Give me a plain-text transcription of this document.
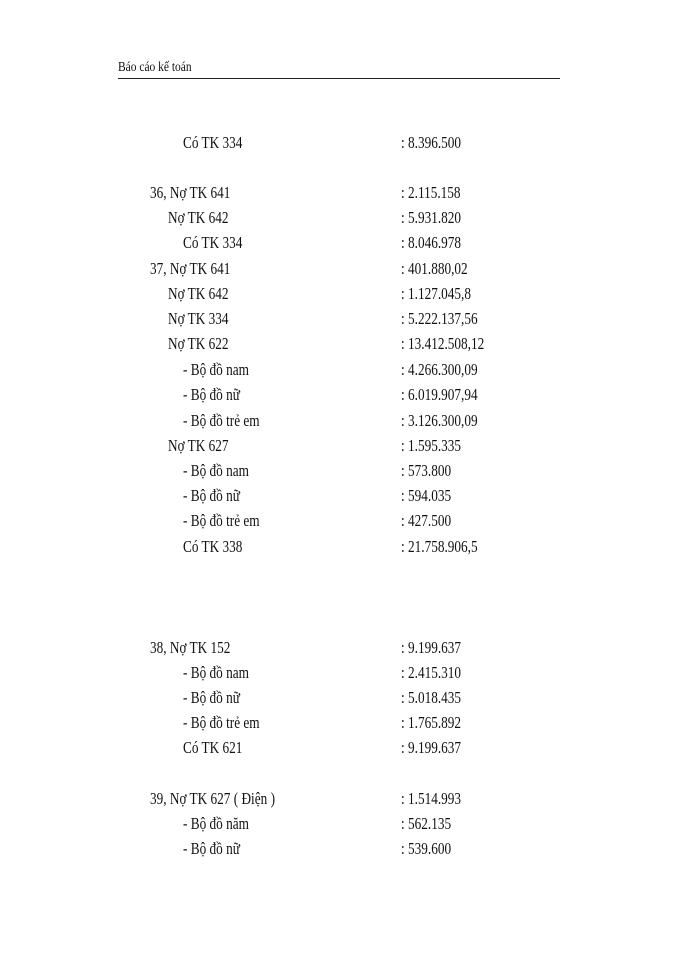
Báo cáo kế toán
Có TK 334	: 8.396.500
36, Nợ TK 641	: 2.115.158
Nợ TK 642	: 5.931.820
Có TK 334	: 8.046.978
37, Nợ TK 641	: 401.880,02
Nợ TK 642	: 1.127.045,8
Nợ TK 334	: 5.222.137,56
Nợ TK 622	: 13.412.508,12
- Bộ đồ nam	: 4.266.300,09
- Bộ đồ nữ	: 6.019.907,94
- Bộ đồ trẻ em	: 3.126.300,09
Nợ TK 627	: 1.595.335
- Bộ đồ nam	: 573.800
- Bộ đồ nữ	: 594.035
- Bộ đồ trẻ em	: 427.500
Có TK 338	: 21.758.906,5
38, Nợ TK 152	: 9.199.637
- Bộ đồ nam	: 2.415.310
- Bộ đồ nữ	: 5.018.435
- Bộ đồ trẻ em	: 1.765.892
Có TK 621	: 9.199.637
39, Nợ TK 627 ( Điện )	: 1.514.993
- Bộ đồ năm	: 562.135
- Bộ đồ nữ	: 539.600
